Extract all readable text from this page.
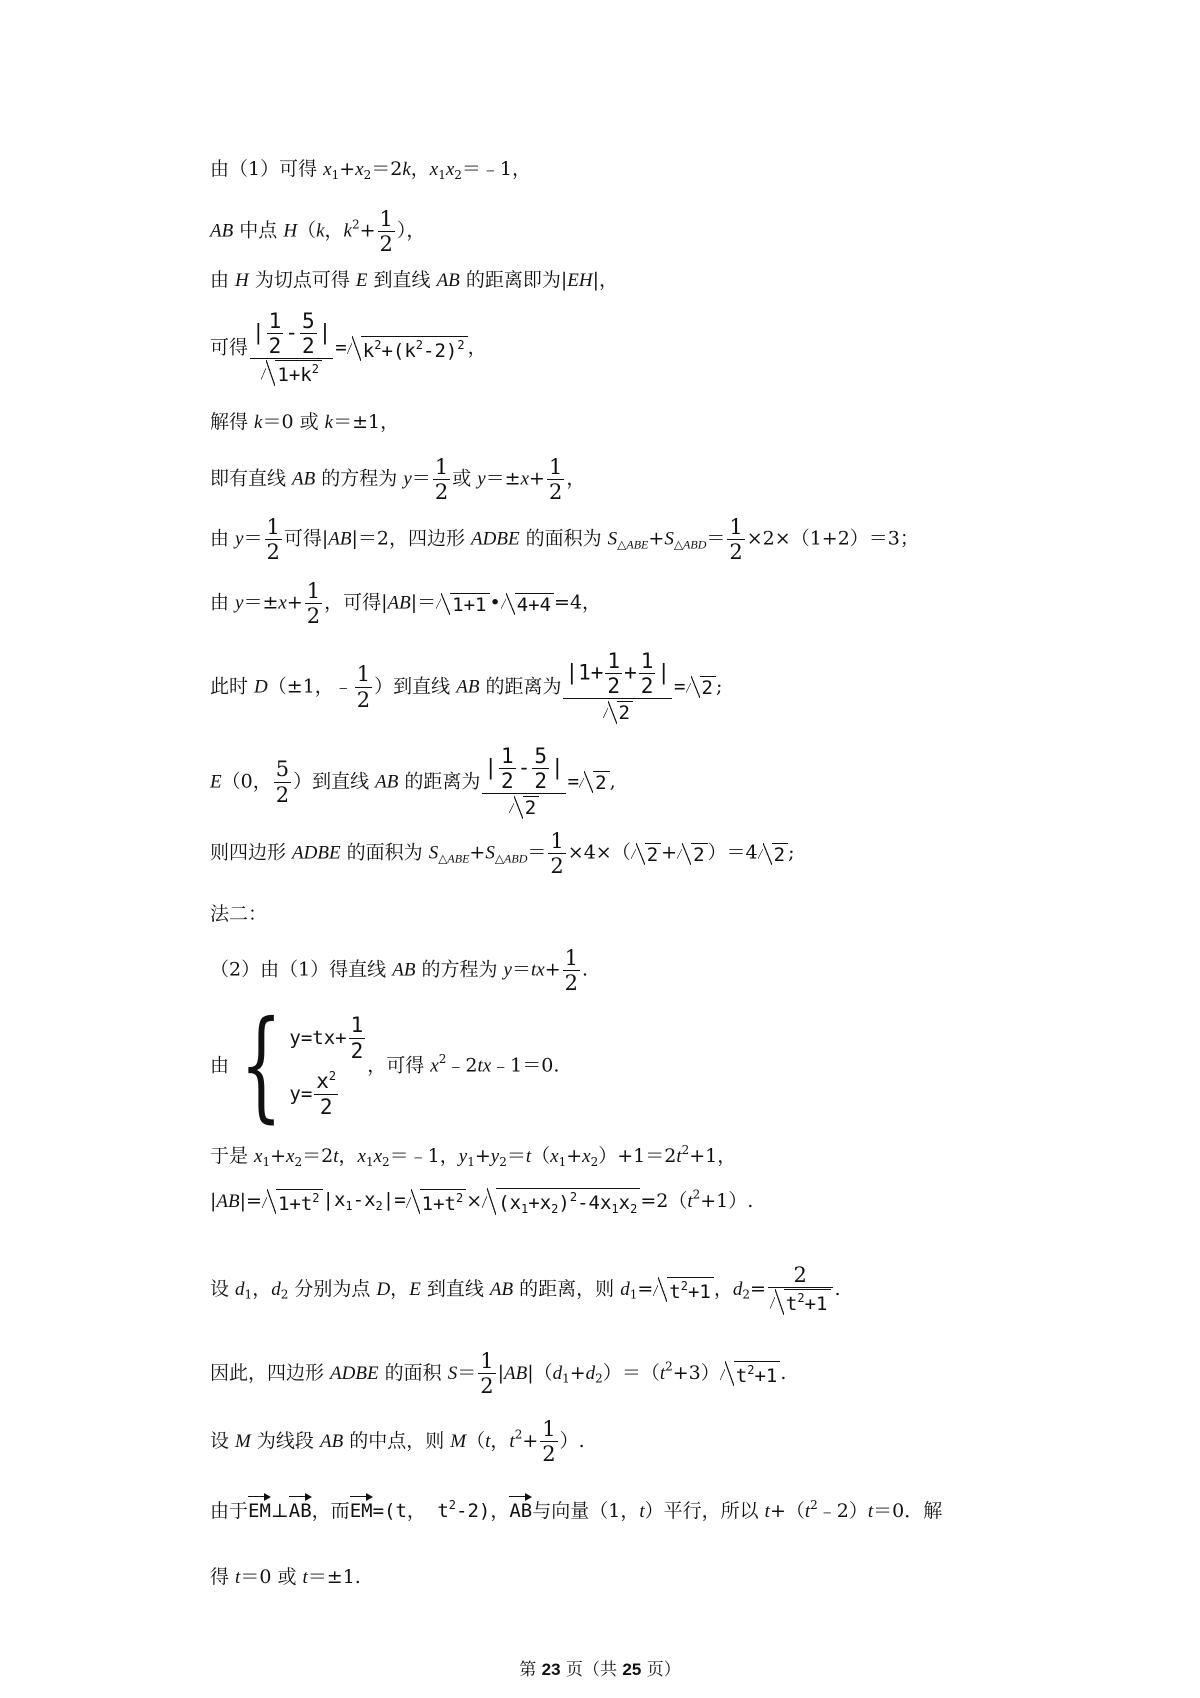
由（1）可得 $x_1+x_2=2k$，$x_1x_2=﹣1$，
AB 中点 H（k，$k^2+ \frac{1}{2}$ ），
由 H 为切点可得 E 到直线 AB 的距离即为|EH|，
可得 $\frac{| \frac{1}{2} - \frac{5}{2} |}{1+k^2} = k^2+(k^2-2)^2$ ，
解得 k＝0 或 k＝±1，
即有直线 AB 的方程为 $y= \frac{1}{2}$ 或 $y=\pm x+ \frac{1}{2}$ ，
由 $y= \frac{1}{2}$ 可得|AB|＝2，四边形 ADBE 的面积为 $S_{\triangle ABE}+S_{\triangle ABD}= \frac{1}{2} \times 2\times(1+2)=3$；
由 $y=\pm x+ \frac{1}{2}$ ，可得|AB|＝ 1+1 • 4+4 =4，
此时 D（±1，﹣ $\frac{1}{2}$ ）到直线 AB 的距离为 $\frac{|1+ \frac{1}{2} + \frac{1}{2} |}{2} = 2$ ;
E（0， $\frac{5}{2}$ ）到直线 AB 的距离为 $\frac{| \frac{1}{2} - \frac{5}{2} |}{2} = 2$ ,
则四边形 ADBE 的面积为 $S_{\triangle ABE}+S_{\triangle ABD}= \frac{1}{2} \times 4\times$（ 2 + 2 ）＝4 2 ;
法二：
（2）由（1）得直线 AB 的方程为 $y=tx+ \frac{1}{2}$ .
由{ $y=tx+ \frac{1}{2}$
$y= \frac{x^2}{2}$
，可得 $x^2﹣2tx﹣1=0$.
于是 $x_1+x_2=2t$，$x_1x_2=﹣1$，$y_1+y_2=t(x_1+x_2)+1=2t^2+1$，
$|AB|= 1+t^2$ $|x_1-x_2|= 1+t^2 \times (x_1+x_2)^2-4x_1x_2 =2(t^2+1)$.
设 $d_1$，$d_2$ 分别为点 D，E 到直线 AB 的距离，则 $d_1= t^2+1$ ，$d_2= \frac{2}{t^2+1}$ .
因此，四边形 ADBE 的面积 $S= \frac{1}{2} |AB|(d_1+d_2)=(t^2+3)$ $t^2+1$ .
设 M 为线段 AB 的中点，则 M（t，$t^2+ \frac{1}{2}$ ）.
由于EM⊥AB，而EM=(t， $t^2-2$)，AB与向量（1，t）平行，所以 $t+(t^2﹣2)t=0$．解
得 t＝0 或 t＝±1.
第 23 页（共 25 页）
